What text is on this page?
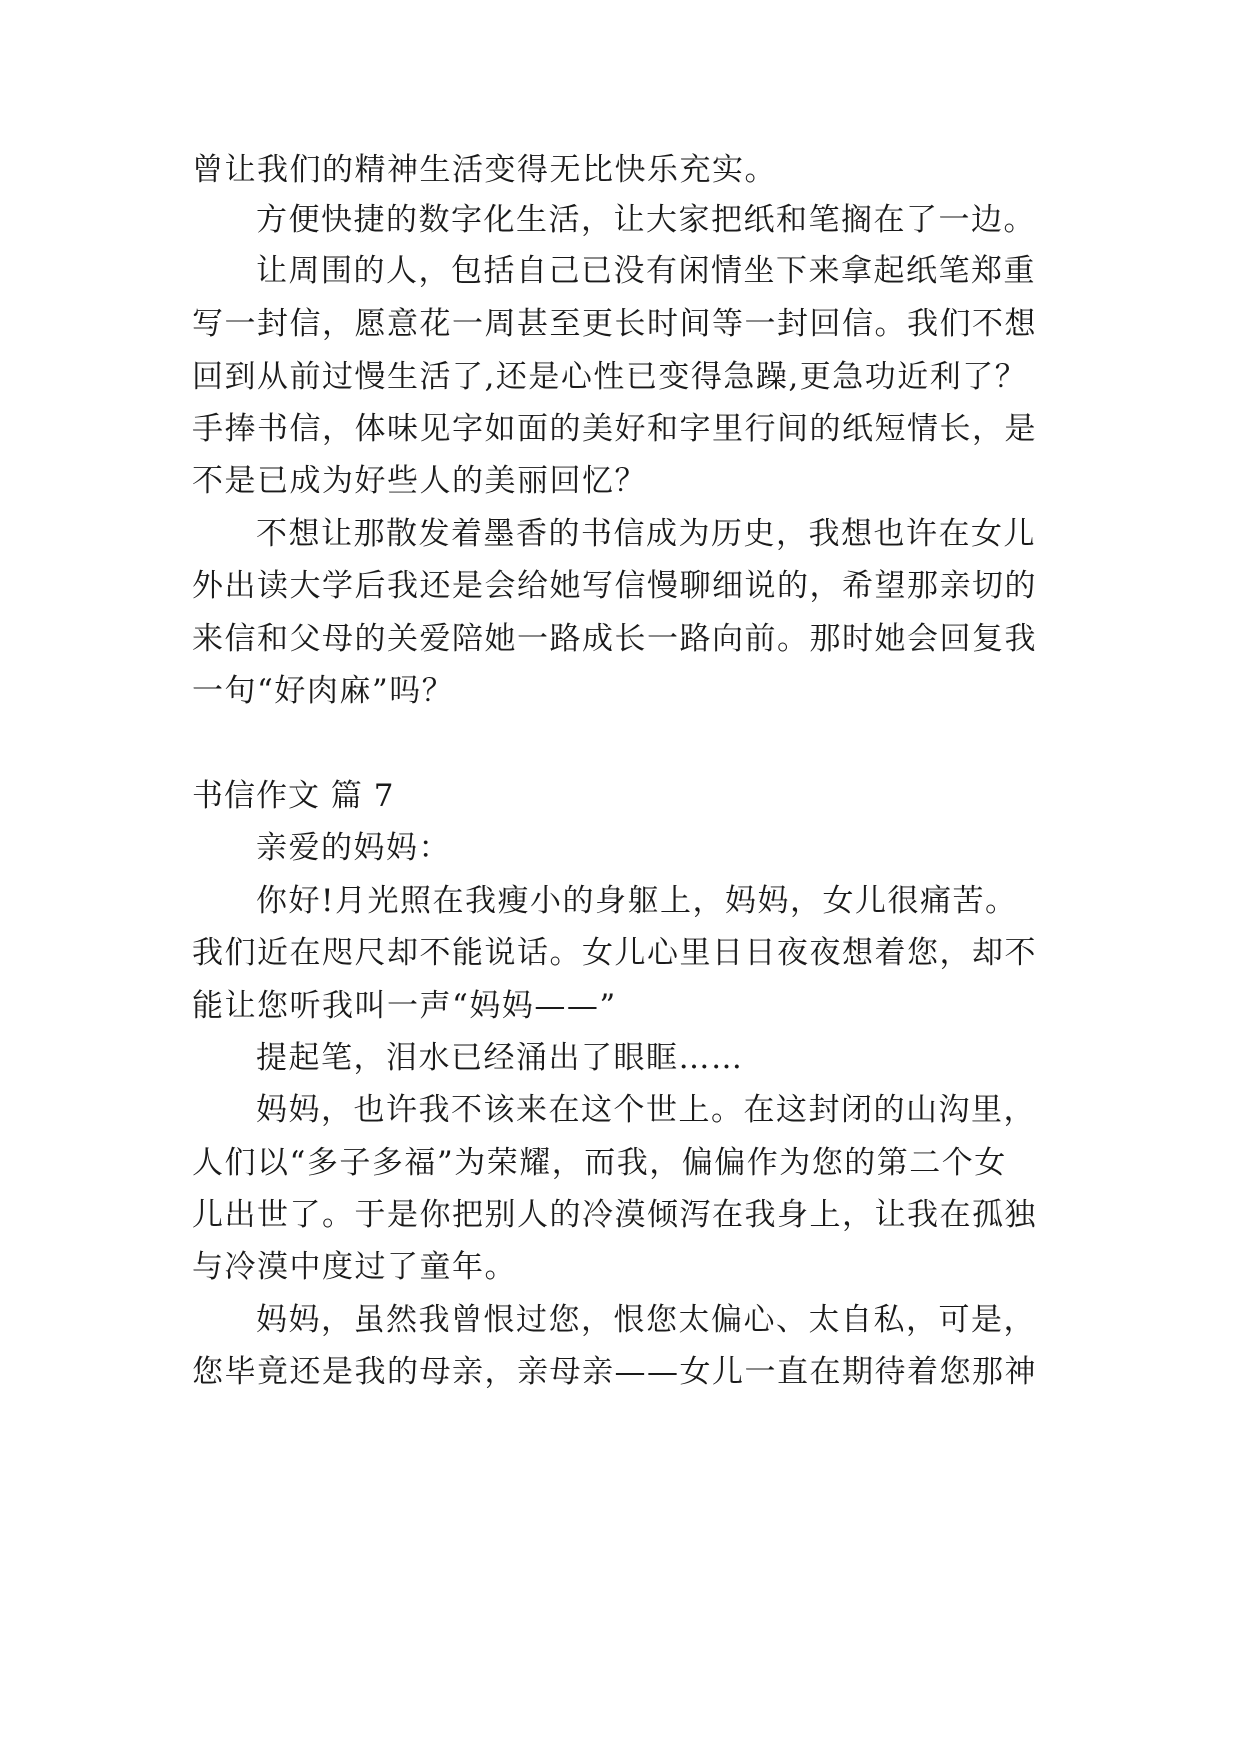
曾让我们的精神生活变得无比快乐充实。
方便快捷的数字化生活，让大家把纸和笔搁在了一边。
让周围的人，包括自己已没有闲情坐下来拿起纸笔郑重
写一封信，愿意花一周甚至更长时间等一封回信。我们不想
回到从前过慢生活了,还是心性已变得急躁,更急功近利了？
手捧书信，体味见字如面的美好和字里行间的纸短情长，是
不是已成为好些人的美丽回忆？
不想让那散发着墨香的书信成为历史，我想也许在女儿
外出读大学后我还是会给她写信慢聊细说的，希望那亲切的
来信和父母的关爱陪她一路成长一路向前。那时她会回复我
一句“好肉麻”吗？
书信作文 篇 7
亲爱的妈妈：
你好!月光照在我瘦小的身躯上，妈妈，女儿很痛苦。
我们近在咫尺却不能说话。女儿心里日日夜夜想着您，却不
能让您听我叫一声“妈妈——”
提起笔，泪水已经涌出了眼眶……
妈妈，也许我不该来在这个世上。在这封闭的山沟里，
人们以“多子多福”为荣耀，而我，偏偏作为您的第二个女
儿出世了。于是你把别人的冷漠倾泻在我身上，让我在孤独
与冷漠中度过了童年。
妈妈，虽然我曾恨过您，恨您太偏心、太自私，可是，
您毕竟还是我的母亲，亲母亲——女儿一直在期待着您那神
